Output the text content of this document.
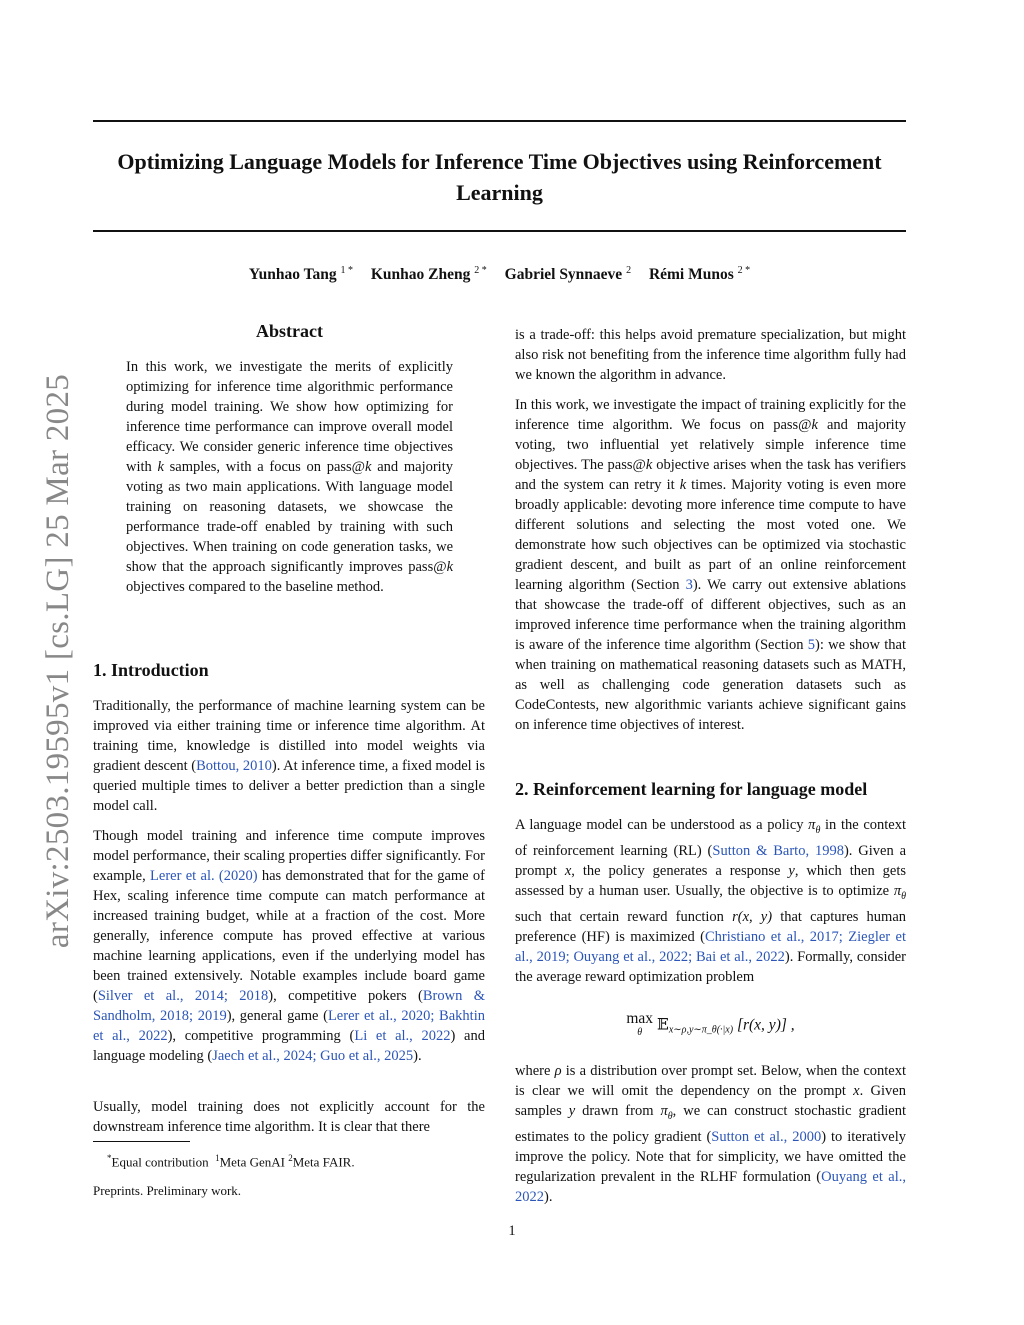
Optimizing Language Models for Inference Time Objectives using Reinforcement Learning
Yunhao Tang $^{1 *}$ Kunhao Zheng $^{2 *}$ Gabriel Synnaeve $^2$ Rémi Munos $^{2 *}$
arXiv:2503.19595v1 [cs.LG] 25 Mar 2025
Abstract

In this work, we investigate the merits of explicitly optimizing for inference time algorithmic performance during model training. We show how optimizing for inference time performance can improve overall model efficacy. We consider generic inference time objectives with k samples, with a focus on pass@k and majority voting as two main applications. With language model training on reasoning datasets, we showcase the performance trade-off enabled by training with such objectives. When training on code generation tasks, we show that the approach significantly improves pass@k objectives compared to the baseline method.

1. Introduction

Traditionally, the performance of machine learning system can be improved via either training time or inference time algorithm. At training time, knowledge is distilled into model weights via gradient descent (Bottou, 2010). At inference time, a fixed model is queried multiple times to deliver a better prediction than a single model call.

Though model training and inference time compute improves model performance, their scaling properties differ significantly. For example, Lerer et al. (2020) has demonstrated that for the game of Hex, scaling inference time compute can match performance at increased training budget, while at a fraction of the cost. More generally, inference compute has proved effective at various machine learning applications, even if the underlying model has been trained extensively. Notable examples include board game (Silver et al., 2014; 2018), competitive pokers (Brown & Sandholm, 2018; 2019), general game (Lerer et al., 2020; Bakhtin et al., 2022), competitive programming (Li et al., 2022) and language modeling (Jaech et al., 2024; Guo et al., 2025).

Usually, model training does not explicitly account for the downstream inference time algorithm. It is clear that there

is a trade-off: this helps avoid premature specialization, but might also risk not benefiting from the inference time algorithm fully had we known the algorithm in advance.

In this work, we investigate the impact of training explicitly for the inference time algorithm. We focus on pass@k and majority voting, two influential yet relatively simple inference time objectives. The pass@k objective arises when the task has verifiers and the system can retry it k times. Majority voting is even more broadly applicable: devoting more inference time compute to have different solutions and selecting the most voted one. We demonstrate how such objectives can be optimized via stochastic gradient descent, and built as part of an online reinforcement learning algorithm (Section 3). We carry out extensive ablations that showcase the trade-off of different objectives, such as an improved inference time performance when the training algorithm is aware of the inference time algorithm (Section 5): we show that when training on mathematical reasoning datasets such as MATH, as well as challenging code generation datasets such as CodeContests, new algorithmic variants achieve significant gains on inference time objectives of interest.

2. Reinforcement learning for language model

A language model can be understood as a policy $\pi_\theta$ in the context of reinforcement learning (RL) (Sutton & Barto, 1998). Given a prompt x, the policy generates a response y, which then gets assessed by a human user. Usually, the objective is to optimize $\pi_\theta$ such that certain reward function r(x, y) that captures human preference (HF) is maximized (Christiano et al., 2017; Ziegler et al., 2019; Ouyang et al., 2022; Bai et al., 2022). Formally, consider the average reward optimization problem

max
θ 𝔼$_{x\sim\rho,y\sim\pi\_\theta(\cdot|x)}$ [r(x, y)] ,

where ρ is a distribution over prompt set. Below, when the context is clear we will omit the dependency on the prompt x. Given samples y drawn from $\pi_\theta$, we can construct stochastic gradient estimates to the policy gradient (Sutton et al., 2000) to iteratively improve the policy. Note that for simplicity, we have omitted the regularization prevalent in the RLHF formulation (Ouyang et al., 2022).

*Equal contribution $^1$Meta GenAI $^2$Meta FAIR.

Preprints. Preliminary work.

1
